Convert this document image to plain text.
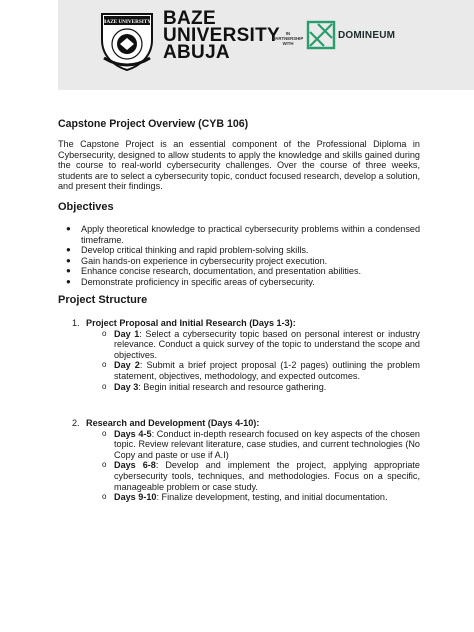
BAZE UNIVERSITY BAZE
UNIVERSITY
ABUJA
IN
PARTNERSHIP
WITH
DOMINEUM
Capstone Project Overview (CYB 106)

The Capstone Project is an essential component of the Professional Diploma in Cybersecurity, designed to allow students to apply the knowledge and skills gained during the course to real-world cybersecurity challenges. Over the course of three weeks, students are to select a cybersecurity topic, conduct focused research, develop a solution, and present their findings.

Objectives
● Apply theoretical knowledge to practical cybersecurity problems within a condensed timeframe.
● Develop critical thinking and rapid problem-solving skills.
● Gain hands-on experience in cybersecurity project execution.
● Enhance concise research, documentation, and presentation abilities.
● Demonstrate proficiency in specific areas of cybersecurity.
Project Structure
1. Project Proposal and Initial Research (Days 1-3):
o Day 1: Select a cybersecurity topic based on personal interest or industry relevance. Conduct a quick survey of the topic to understand the scope and objectives.
o Day 2: Submit a brief project proposal (1-2 pages) outlining the problem statement, objectives, methodology, and expected outcomes.
o Day 3: Begin initial research and resource gathering.
2. Research and Development (Days 4-10):
o Days 4-5: Conduct in-depth research focused on key aspects of the chosen topic. Review relevant literature, case studies, and current technologies (No Copy and paste or use if A.I)
o Days 6-8: Develop and implement the project, applying appropriate cybersecurity tools, techniques, and methodologies. Focus on a specific, manageable problem or case study.
o Days 9-10: Finalize development, testing, and initial documentation.
